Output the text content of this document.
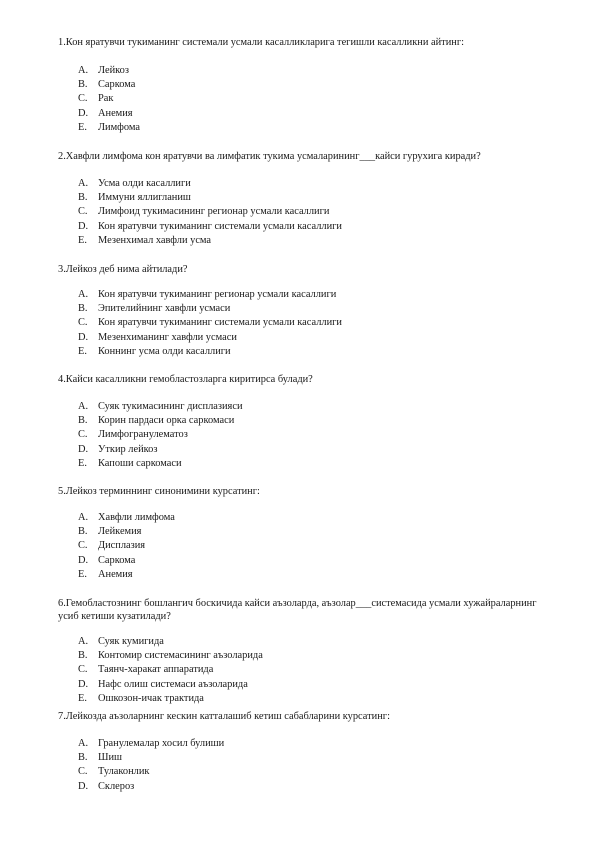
1.Кон яратувчи тукиманинг системали усмали касалликларига тегишли касалликни айтинг:
A. Лейкоз
B.	Саркома
C.	Рак
D. Анемия
E.	Лимфома
2.Хавфли лимфома кон яратувчи ва лимфатик тукима усмаларининг___кайси гурухига киради?
A. Усма олди касаллиги
B.	Иммуни яллигланиш
C.	Лимфоид тукимасининг регионар усмали касаллиги
D. Кон яратувчи тукиманинг системали усмали касаллиги
E.	Мезенхимал хавфли усма
3.Лейкоз деб нима айтилади?
A. Кон яратувчи тукиманинг регионар усмали касаллиги
B.	Эпителийнинг хавфли усмаси
C.	Кон яратувчи тукиманинг системали усмали касаллиги
D. Мезенхиманинг хавфли усмаси
E.	Коннинг усма олди касаллиги
4.Кайси касалликни гемобластозларга киритирса булади?
A. Суяк тукимасининг дисплазияси
B.	Корин пардаси орка саркомаси
C.	Лимфогранулематоз
D. Уткир лейкоз
E.	Капоши саркомаси
5.Лейкоз терминнинг синонимини курсатинг:
A. Хавфли лимфома
B.	Лейкемия
C.	Дисплазия
D. Саркома
E.	Анемия
6.Гемобластознинг бошлангич боскичида кайси аъзоларда, аъзолар___системасида усмали хужайраларнинг усиб кетиши кузатилади?
A. Суяк кумигида
B.	Контомир системасининг аъзоларида
C.	Таянч-харакат аппаратида
D. Нафс олиш системаси аъзоларида
E.	Ошкозон-ичак трактида
7.Лейкозда аъзоларнинг кескин катталашиб кетиш сабабларини курсатинг:
A. Гранулемалар хосил булиши
B.	Шиш
C.	Тулаконлик
D. Склероз
